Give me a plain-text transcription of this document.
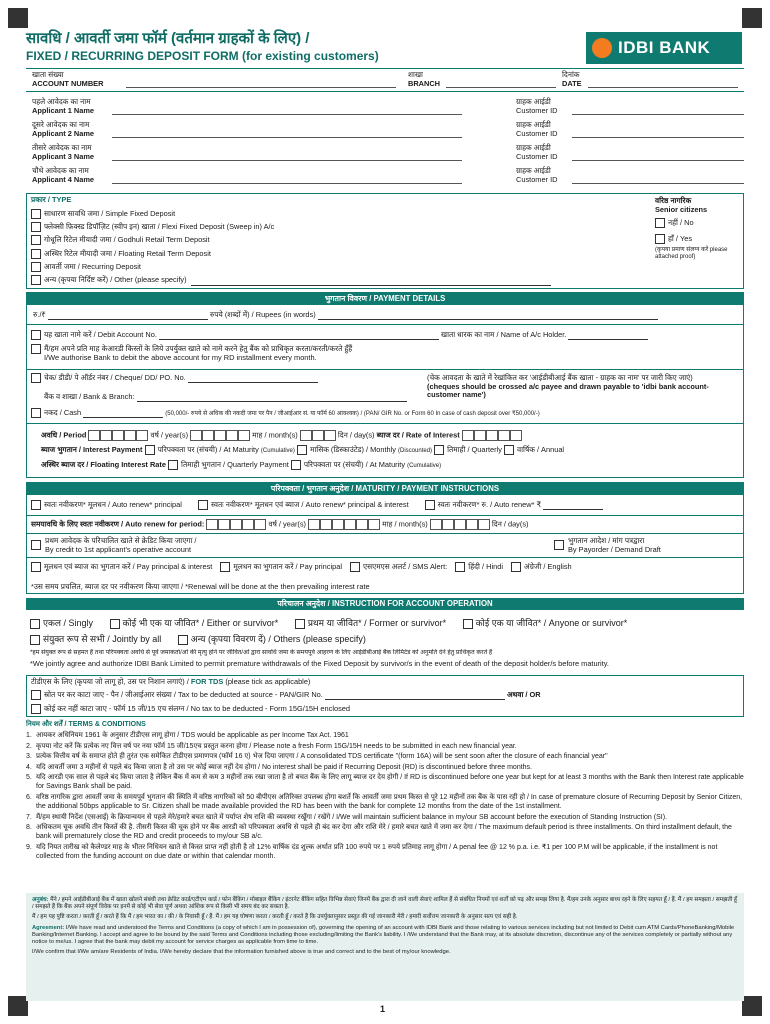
सावधि / आवर्ती जमा फॉर्म (वर्तमान ग्राहकों के लिए) /
FIXED / RECURRING DEPOSIT FORM (for existing customers)	IDBI BANK
खाता संख्या
ACCOUNT NUMBER
शाखा
BRANCH
दिनांक
DATE
पहले आवेदक का नाम
Applicant 1 Name
ग्राहक आईडी
Customer ID
दूसरे आवेदक का नाम
Applicant 2 Name
ग्राहक आईडी
Customer ID
तीसरे आवेदक का नाम
Applicant 3 Name
ग्राहक आईडी
Customer ID
चौथे आवेदक का नाम
Applicant 4 Name
ग्राहक आईडी
Customer ID
प्रकार / TYPE
साधारण सावधि जमा / Simple Fixed Deposit
फ्लेक्सी फ़िक्स्ड डिपॉज़िट (स्वीप इन) खाता / Flexi Fixed Deposit (Sweep in) A/c
गोधूलि रिटेल मीयादी जमा / Godhuli Retail Term Deposit
अस्थिर रिटेल मीयादी जमा / Floating Retail Term Deposit
आवर्ती जमा / Recurring Deposit
अन्य (कृपया निर्दिष्ट करें) / Other (please specify)
वरिष्ठ नागरिक
Senior citizens
नहीं / No
हाँ / Yes
(कृपया प्रमाण संलग्न करें please attached proof)
भुगतान विवरण / PAYMENT DETAILS
रु./₹	रुपये (शब्दों में) / Rupees (in words)
यह खाता नामे करें / Debit Account No.	खाता धारक का नाम / Name of A/c Holder.
मैं/हम अपने प्रति माह केआरडी किस्तों के लिये उपर्युक्त खाते को नामे करने हेतु बैंक को प्राधिकृत करता/करती/करते हुँहैं
I/We authorise Bank to debit the above account for my RD installment every month.
चेक/ डीडी/ पे ऑर्डर नंबर / Cheque/ DD/ PO. No.	(चेक आवदता के खाते में रेखांकित कर 'आईडीबीआई बैंक खाता - ग्राहक का नाम' पर जारी किए जाएं)
(cheques should be crossed a/c payee and drawn payable to 'idbi bank account-customer name')
बैंक व शाखा / Bank & Branch:
नकद / Cash	(50,000/- रुपये से अधिक की नकदी जमा पर पैन / जीआईआर सं. या फॉर्म 60 आवश्यक) / (PAN/ GIR No. or Form 60 In case of cash deposit over ₹50,000/-)
अवधि / Period	वर्ष / year(s)	माह / month(s)	दिन / day(s) ब्याज दर / Rate of Interest
ब्याज भुगतान / Interest Payment परिपक्वता पर (संचयी) / At Maturity (Cumulative) मासिक (डिस्काउंटेड) / Monthly (Discounted) तिमाही / Quarterly वार्षिक / Annual
अस्थिर ब्याज दर / Floating Interest Rate तिमाही भुगतान / Quarterly Payment परिपक्वता पर (संचयी) / At Maturity (Cumulative)
परिपक्वता / भुगतान अनुदेश / MATURITY / PAYMENT INSTRUCTIONS
स्वतः नवीकरण* मूलधन / Auto renew* principal	स्वतः नवीकरण* मूलधन एवं ब्याज / Auto renew* principal & interest	स्वतः नवीकरण* रु. / Auto renew* ₹
समयावधि के लिए स्वतः नवीकरण / Auto renew for period:	वर्ष / year(s)	माह / month(s)	दिन / day(s)
प्रथम आवेदक के परिचालित खाते से क्रेडिट किया जाएगा /
By credit to 1st applicant's operative account
भुगतान आदेश / मांग पत्रद्वारा
By Payorder / Demand Draft
मूलधन एवं ब्याज का भुगतान करें / Pay principal & interest	मूलधन का भुगतान करें / Pay principal	एसएमएस अलर्ट / SMS Alert:	हिंदी / Hindi	अंग्रेजी / English
*उस समय प्रचलित, ब्याज दर पर नवीकरण किया जाएगा / *Renewal will be done at the then prevailing interest rate
परिचालन अनुदेश / INSTRUCTION FOR ACCOUNT OPERATION
एकल / Singly	कोई भी एक या जीवित* / Either or survivor*	प्रथम या जीवित* / Former or survivor*	कोई एक या जीवित* / Anyone or survivor*
संयुक्त रूप से सभी / Jointly by all	अन्य (कृपया विवरण दें) / Others (please specify)
*हम संयुक्त रूप से सहमत हैं तथा परिपक्वता अवधि से पूर्व जमाकर्ता/ओं की मृत्यु होने पर जीवित/ओं द्वारा सावधि जमा के समयपूर्व आहरण के लिए आईडीबीआई बैंक लिमिटेड को अनुमति देने हेतु प्राधिकृत करते हैं
*We jointly agree and authorize IDBI Bank Limited to permit premature withdrawals of the Fixed Deposit by survivor/s in the event of death of the deposit holder/s before maturity.
टीडीएस के लिए (कृपया जो लागू हो, उस पर निशान लगाएं) / FOR TDS (please tick as applicable)
स्रोत पर कर काटा जाए - पैन / जीआईआर संख्या / Tax to be deducted at source - PAN/GIR No.	अथवा / OR
कोई कर नहीं काटा जाए - फॉर्म 15 जी/15 एच संलग्न / No tax to be deducted - Form 15G/15H enclosed
नियम और शर्तें / TERMS & CONDITIONS
1. आयकर अधिनियम 1961 के अनुसार टीडीएस लागू होगा / TDS would be applicable as per Income Tax Act. 1961
2. कृपया नोट करें कि प्रत्येक नए वित्त वर्ष पर नया फॉर्म 15 जी/15एच प्रस्तुत करना होगा / Please note a fresh Form 15G/15H needs to be submitted in each new financial year.
3. प्रत्येक वित्तीय वर्ष के समाप्त होते ही तुरंत एक समेकित टीडीएस प्रमाणपत्र (फॉर्म 16 ए) भेज दिया जाएगा / A consolidated TDS certificate "(form 16A) will be sent soon after the closure of each financial year"
4. यदि आवर्ती जमा 3 महीनों से पहले बंद किया जाता है तो उस पर कोई ब्याज नहीं देय होगा / No interest shall be paid if Recurring Deposit (RD) is discontinued before three months.
5. यदि आरडी एक साल से पहले बंद किया जाता है लेकिन बैंक में कम से कम 3 महीनों तक रखा जाता है तो बचत बैंक के लिए लागू ब्याज दर देय होगी / If RD is discontinued before one year but kept for at least 3 months with the Bank then Interest rate applicable for Savings Bank shall be paid.
6. वरिष्ठ नागरिक द्वारा आवर्ती जमा के समयपूर्व भुगतान की स्थिति में वरिष्ठ नागरिकों को 50 बीपीएस अतिरिक्त उपलब्ध होगा बशर्ते कि आवर्ती जमा प्रथम किस्त से पूरे 12 महीनों तक बैंक के पास रही हो / In case of premature closure of Recurring Deposit by Senior Citizen, the additional 50bps applicable to Sr. Citizen shall be made available provided the RD has been with the bank for complete 12 months from the date of the 1st installment.
7. मैं/हम स्थायी निर्देश (एसआई) के क्रियान्वयन से पहले मेरे/हमारे बचत खाते में पर्याप्त शेष राशि की व्यवस्था रखूँगा / रखेंगे / I/We will maintain sufficient balance in my/our SB account before the execution of Standing Instruction (SI).
8. अधिकतम चूक अवधि तीन किस्तें की है. तीसरी किस्त की चूक होने पर बैंक आरडी को परिपक्वता अवधि से पहले ही बंद कर देगा और राशि मेरे / हमारे बचत खाते में जमा कर देगा / The maximum default period is three installments. On third installment default, the bank will prematurely close the RD and credit proceeds to my/our SB a/c.
9. यदि नियत तारीख को कैलेण्डर माह के भीतर निधियन खाते से किस्त प्राप्त नहीं होती है तो 12% वार्षिक दंड शुल्क अर्थात प्रति 100 रुपये पर 1 रुपये प्रतिमाह लागू होगा / A penal fee @ 12 % p.a. i.e. ₹1 per 100 P.M will be applicable, if the installment is not collected from the funding account on due date or within that calendar month.

अनुबंध: मैंने / हमने आईडीबीआई बैंक में खाता खोलने संबंधी तथा क्रेडिट कार्ड/एटीएम कार्ड / फोन बैंकिंग / मोबाइल बैंकिंग / इंटरनेट बैंकिंग सहित विभिन्न सेवाएं जिनमें बैंक द्वारा दी जाने वाली सेवाएं शामिल हैं से संबंधित नियमों एवं शर्तों को पढ़ और समझ लिया है. मैं/हम उनके अनुसार बाध्य रहने के लिए सहमत हूँ / हैं. मैं / हम समझता / समझती हूँ / समझते हैं कि बैंक अपने संपूर्ण विवेक पर इनमें से कोई भी सेवा पूर्ण अथवा आंशिक रूप से किसी भी समय बंद कर सकता है.

मैं / हम यह पुष्टि करता / करती हूँ / करते हैं कि मैं / हम भारत का / की / के निवासी हूँ / हैं. मैं / हम यह घोषणा करता / करती हूँ / करते हैं कि उपर्युक्तानुसार प्रस्तुत की गई जानकारी मेरी / हमारी सर्वोत्तम जानकारी के अनुसार सत्य एवं सही है.

Agreement: I/We have read and understood the Terms and Conditions (a copy of which I am in possession of), governing the opening of an account with IDBI Bank and those relating to various services including but not limited to Debit cum ATM Cards/PhoneBanking/Mobile Banking/Internet Banking. I accept and agree to be bound by the said Terms and Conditions including those excluding/limiting the Bank's liability. I /We understand that the Bank may, at its absolute discretion, discontinue any of the services completely or partially without any notice to me/us. I agree that the bank may debit my account for service charges as applicable from time to time.

I/We confirm that I/We am/are Residents of India. I/We hereby declare that the information furnished above is true and correct and to the best of my/our knowledge.

1
